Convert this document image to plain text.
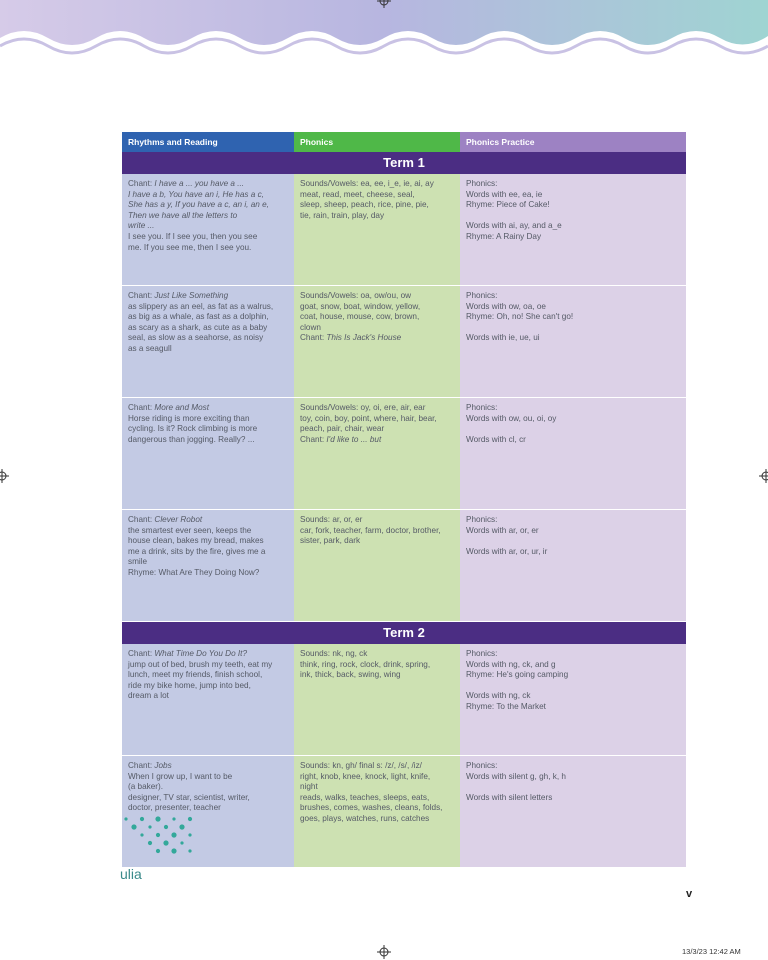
Rhythms and Reading	Phonics	Phonics Practice
Term 1
Chant: I have a ... you have a ...
I have a b, You have an i, He has a c,
She has a y, If you have a c, an i, an e,
Then we have all the letters to
write ...
I see you. If I see you, then you see
me. If you see me, then I see you.
Sounds/Vowels: ea, ee, i_e, ie, ai, ay
meat, read, meet, cheese, seal,
sleep, sheep, peach, rice, pine, pie,
tie, rain, train, play, day
Phonics:
Words with ee, ea, ie
Rhyme: Piece of Cake!
Words with ai, ay, and a_e
Rhyme: A Rainy Day
Chant: Just Like Something
as slippery as an eel, as fat as a walrus,
as big as a whale, as fast as a dolphin,
as scary as a shark, as cute as a baby
seal, as slow as a seahorse, as noisy
as a seagull
Sounds/Vowels: oa, ow/ou, ow
goat, snow, boat, window, yellow,
coat, house, mouse, cow, brown,
clown
Chant: This Is Jack's House
Phonics:
Words with ow, oa, oe
Rhyme: Oh, no! She can't go!
Words with ie, ue, ui
Chant: More and Most
Horse riding is more exciting than
cycling. Is it? Rock climbing is more
dangerous than jogging. Really? ...
Sounds/Vowels: oy, oi, ere, air, ear
toy, coin, boy, point, where, hair, bear,
peach, pair, chair, wear
Chant: I'd like to ... but
Phonics:
Words with ow, ou, oi, oy
Words with cl, cr
Chant: Clever Robot
the smartest ever seen, keeps the
house clean, bakes my bread, makes
me a drink, sits by the fire, gives me a
smile
Rhyme: What Are They Doing Now?
Sounds: ar, or, er
car, fork, teacher, farm, doctor, brother,
sister, park, dark
Phonics:
Words with ar, or, er
Words with ar, or, ur, ir
Term 2
Chant: What Time Do You Do It?
jump out of bed, brush my teeth, eat my
lunch, meet my friends, finish school,
ride my bike home, jump into bed,
dream a lot
Sounds: nk, ng, ck
think, ring, rock, clock, drink, spring,
ink, thick, back, swing, wing
Phonics:
Words with ng, ck, and g
Rhyme: He's going camping
Words with ng, ck
Rhyme: To the Market
Chant: Jobs
When I grow up, I want to be
(a baker).
designer, TV star, scientist, writer,
doctor, presenter, teacher
Sounds: kn, gh/ final s: /z/, /s/, /iz/
right, knob, knee, knock, light, knife,
night
reads, walks, teaches, sleeps, eats,
brushes, comes, washes, cleans, folds,
goes, plays, watches, runs, catches
Phonics:
Words with silent g, gh, k, h
Words with silent letters
ulia
v
13/3/23 12:42 AM
